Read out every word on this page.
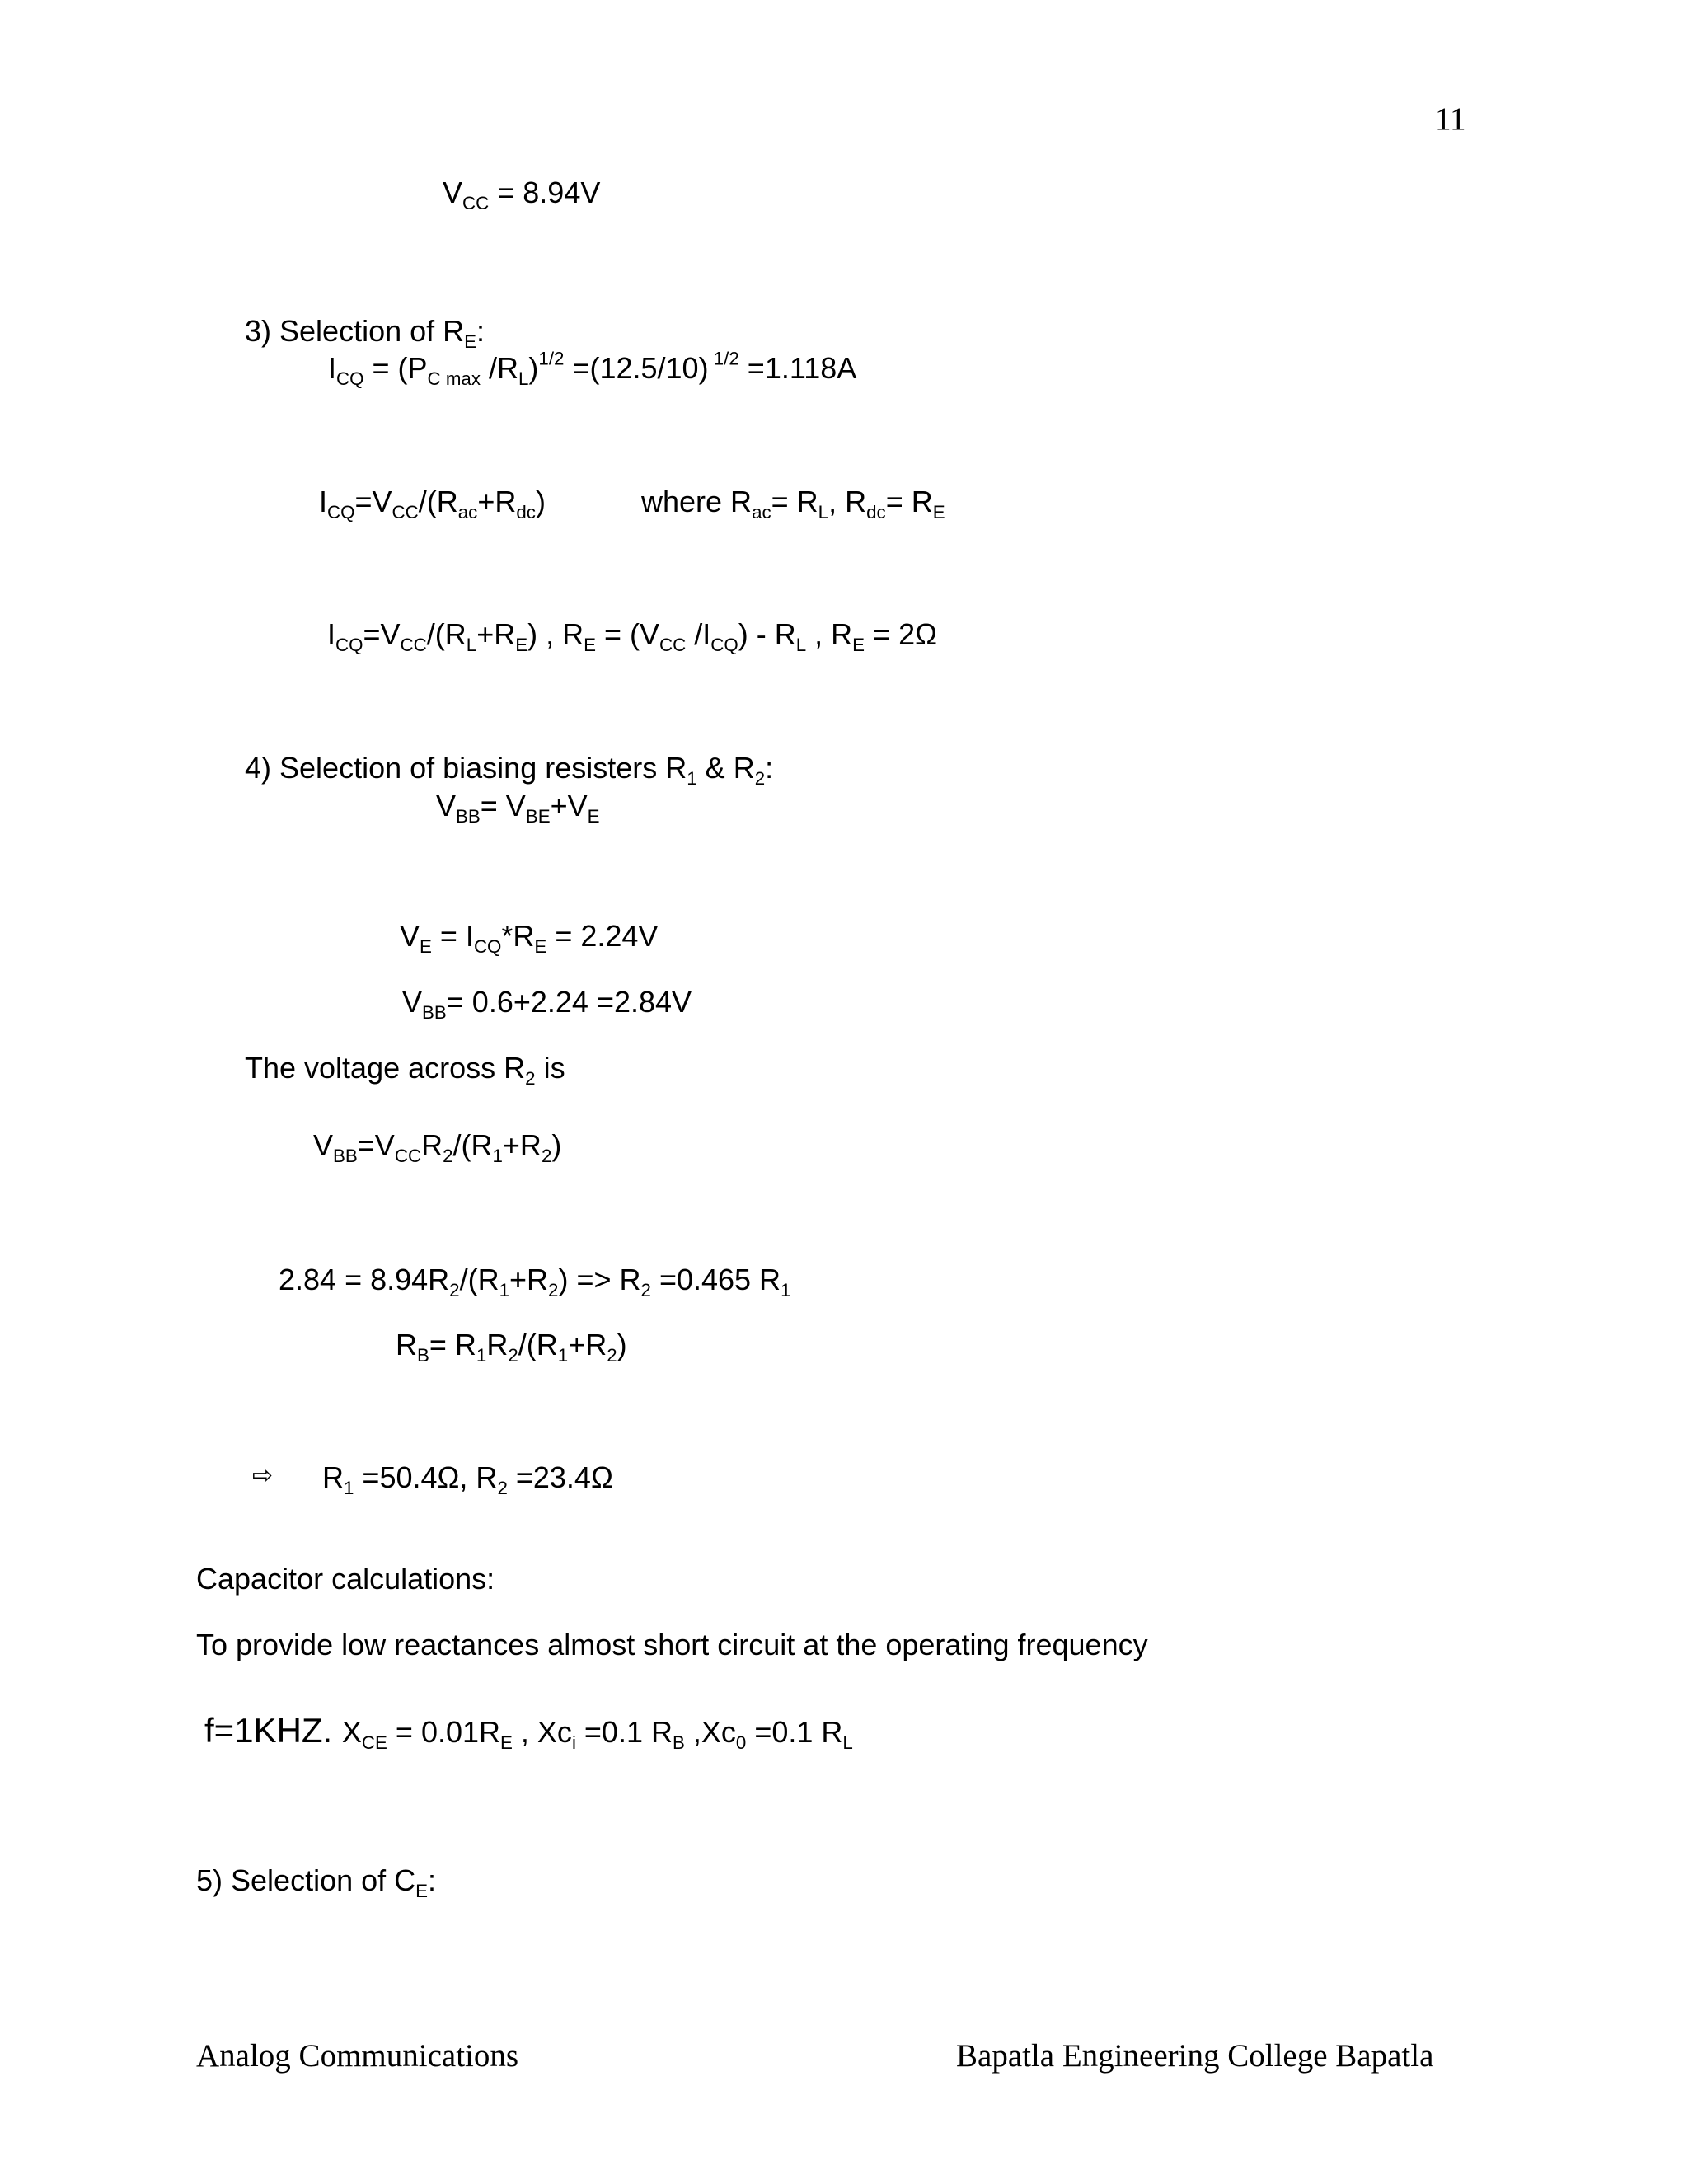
11
$V_{CC} = 8.94V$
3) Selection of $R_E$:
$I_{CQ} = (P_{C max}$ $/R_L)^{1/2} =(12.5/10)$ $^{1/2}$ =1.118A
$I_{CQ}=V_{CC}/(R_{ac}+R_{dc})$	where $R_{ac}= R_L$, $R_{dc}= R_E$
$I_{CQ}=V_{CC}/(R_L+R_E)$ , $R_E = (V_{CC}$ $/I_{CQ}) - R_L$ , $R_E = 2\Omega$
4) Selection of biasing resisters $R_1$ & $R_2$:
$V_{BB}= V_{BE}+V_E$
$V_E = I_{CQ}*R_E = 2.24V$
$V_{BB}= 0.6+2.24 =2.84V$
The voltage across $R_2$ is
$V_{BB}=V_{CC}R_2/(R_1+R_2)$
$2.84 = 8.94R_2/(R_1+R_2) => R_2 =0.465$ $R_1$
$R_B= R_1R_2/(R_1+R_2)$
⇨ $R_1 =50.4\Omega$, $R_2 =23.4\Omega$
Capacitor calculations:
To provide low reactances almost short circuit at the operating frequency
f=1KHZ. $X_{CE} = 0.01R_E$ , $Xc_i =0.1$ $R_B$ $,Xc_0 =0.1$ $R_L$
5) Selection of $C_E$:
Analog Communications	Bapatla Engineering College Bapatla
